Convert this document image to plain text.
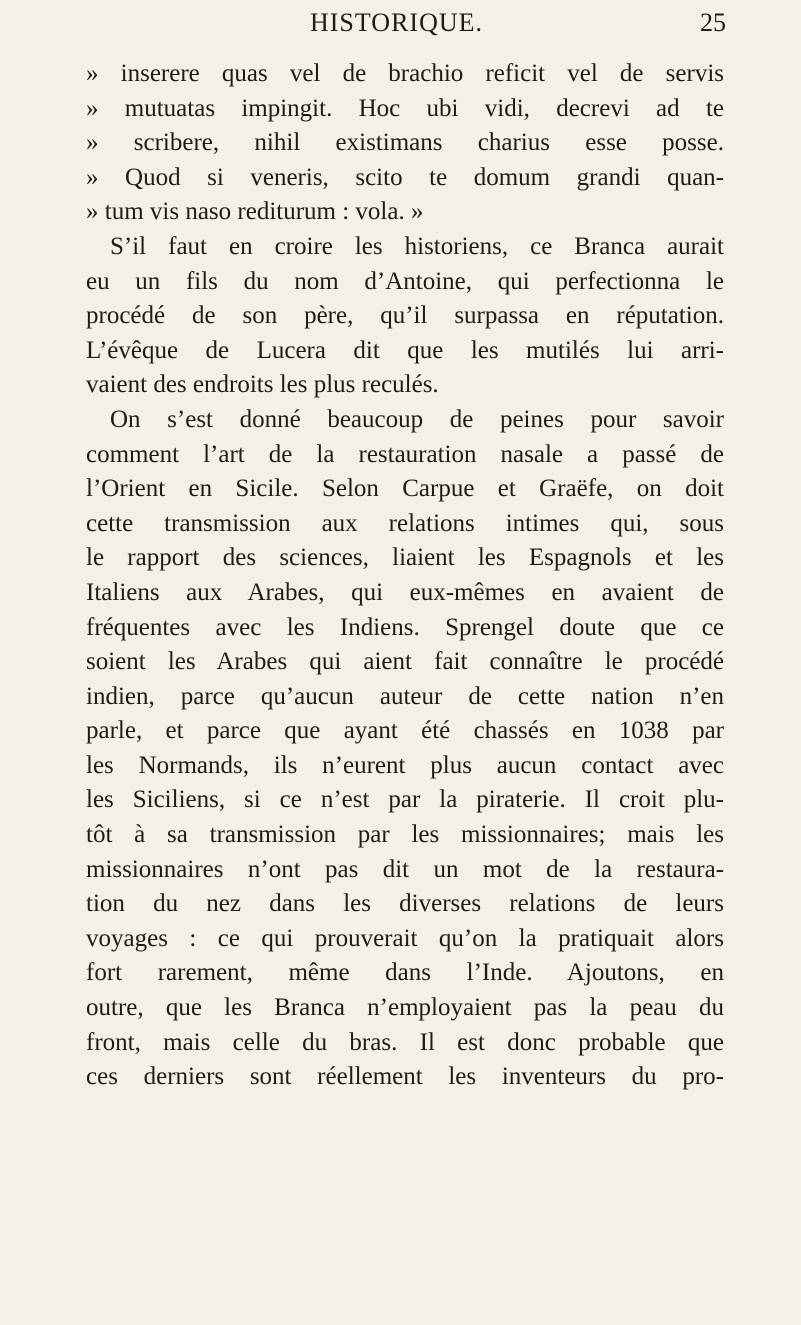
HISTORIQUE.	25
» inserere quas vel de brachio reficit vel de servis
» mutuatas impingit. Hoc ubi vidi, decrevi ad te
» scribere, nihil existimans charius esse posse.
» Quod si veneris, scito te domum grandi quan-
» tum vis naso rediturum : vola. »
S’il faut en croire les historiens, ce Branca aurait
eu un fils du nom d’Antoine, qui perfectionna le
procédé de son père, qu’il surpassa en réputation.
L’évêque de Lucera dit que les mutilés lui arri-
vaient des endroits les plus reculés.
On s’est donné beaucoup de peines pour savoir
comment l’art de la restauration nasale a passé de
l’Orient en Sicile. Selon Carpue et Graëfe, on doit
cette transmission aux relations intimes qui, sous
le rapport des sciences, liaient les Espagnols et les
Italiens aux Arabes, qui eux-mêmes en avaient de
fréquentes avec les Indiens. Sprengel doute que ce
soient les Arabes qui aient fait connaître le procédé
indien, parce qu’aucun auteur de cette nation n’en
parle, et parce que ayant été chassés en 1038 par
les Normands, ils n’eurent plus aucun contact avec
les Siciliens, si ce n’est par la piraterie. Il croit plu-
tôt à sa transmission par les missionnaires; mais les
missionnaires n’ont pas dit un mot de la restaura-
tion du nez dans les diverses relations de leurs
voyages : ce qui prouverait qu’on la pratiquait alors
fort rarement, même dans l’Inde. Ajoutons, en
outre, que les Branca n’employaient pas la peau du
front, mais celle du bras. Il est donc probable que
ces derniers sont réellement les inventeurs du pro-
